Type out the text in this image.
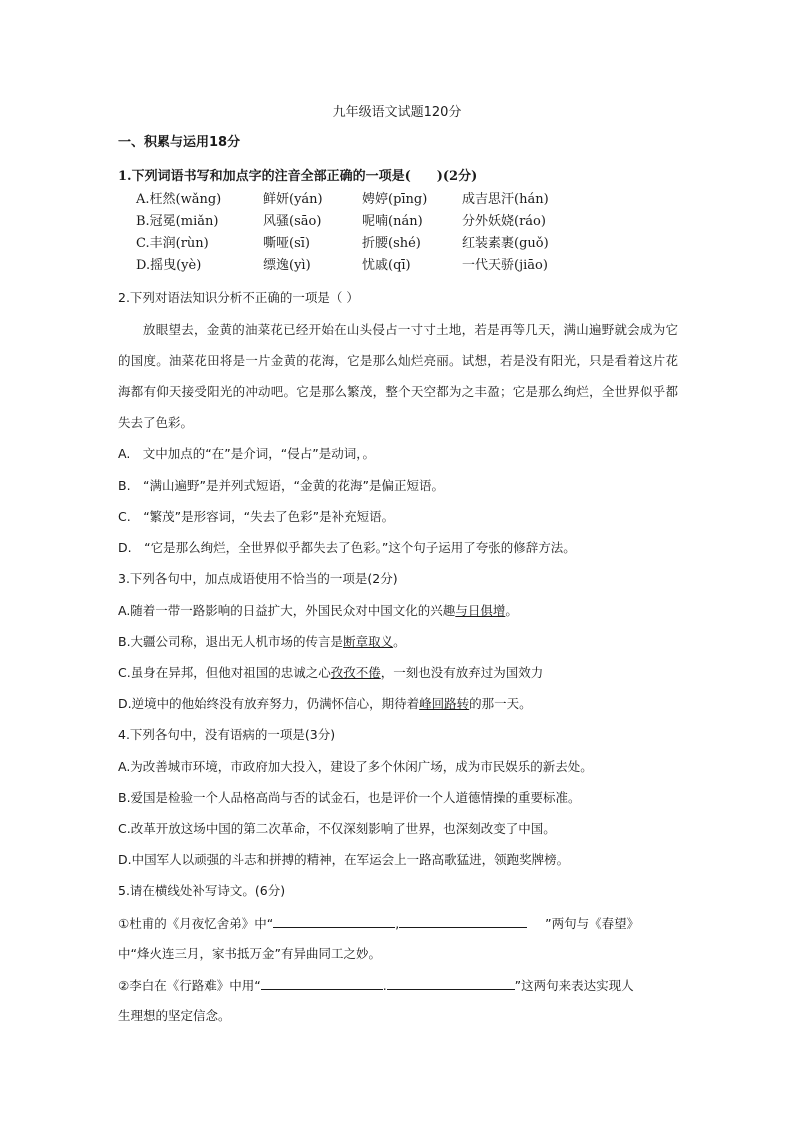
九年级语文试题120分
一、积累与运用18分
1.下列词语书写和加点字的注音全部正确的一项是(　　)(2分)
A.枉然(wǎng)	鲜妍(yán)	娉婷(pīng)	成吉思汗(hán)
B.冠冕(miǎn)	风骚(sāo)	呢喃(nán)	分外妖娆(ráo)
C.丰润(rùn)	嘶哑(sī)	折腰(shé)	红装素裹(guǒ)
D.摇曳(yè)	缥逸(yì)	忧戚(qī)	一代天骄(jiāo)
2.下列对语法知识分析不正确的一项是（ ）
放眼望去，金黄的油菜花已经开始在山头侵占一寸寸土地，若是再等几天，满山遍野就会成为它的国度。油菜花田将是一片金黄的花海，它是那么灿烂亮丽。试想，若是没有阳光，只是看着这片花海都有仰天接受阳光的冲动吧。它是那么繁茂，整个天空都为之丰盈；它是那么绚烂，全世界似乎都失去了色彩。
A.　文中加点的“在”是介词，“侵占”是动词，。
B.　“满山遍野”是并列式短语，“金黄的花海”是偏正短语。
C.　“繁茂”是形容词，“失去了色彩”是补充短语。
D.　“它是那么绚烂，全世界似乎都失去了色彩。”这个句子运用了夸张的修辞方法。
3.下列各句中，加点成语使用不恰当的一项是(2分)
A.随着一带一路影响的日益扩大，外国民众对中国文化的兴趣与日俱增。
B.大疆公司称，退出无人机市场的传言是断章取义。
C.虽身在异邦，但他对祖国的忠诚之心孜孜不倦，一刻也没有放弃过为国效力
D.逆境中的他始终没有放弃努力，仍满怀信心，期待着峰回路转的那一天。
4.下列各句中，没有语病的一项是(3分)
A.为改善城市环境，市政府加大投入，建设了多个休闲广场，成为市民娱乐的新去处。
B.爱国是检验一个人品格高尚与否的试金石，也是评价一个人道德情操的重要标准。
C.改革开放这场中国的第二次革命，不仅深刻影响了世界，也深刻改变了中国。
D.中国军人以顽强的斗志和拼搏的精神，在军运会上一路高歌猛进，领跑奖牌榜。
5.请在横线处补写诗文。(6分)
①杜甫的《月夜忆舍弟》中“	,	”两句与《春望》
中“烽火连三月，家书抵万金”有异曲同工之妙。
②李白在《行路难》中用“	.	”这两句来表达实现人
生理想的坚定信念。
